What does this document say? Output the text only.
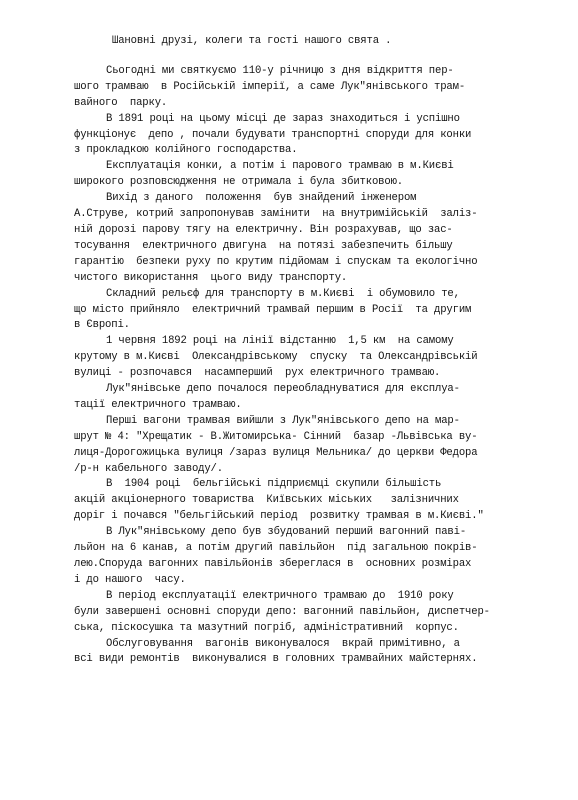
Шановні друзі, колеги та гості нашого свята .
Сьогодні ми святкуємо 110-у річницю з дня відкриття пер-
шого трамваю  в Російській імперії, а саме Лук"янівського трам-
вайного  парку.
В 1891 році на цьому місці де зараз знаходиться і успішно
функціонує  депо , почали будувати транспортні споруди для конки
з прокладкою колійного господарства.
Експлуатація конки, а потім і парового трамваю в м.Києві
широкого розповсюдження не отримала і була збитковою.
Вихід з даного  положення  був знайдений інженером
А.Струве, котрий запропонував замінити  на внутримійській  заліз-
ній дорозі парову тягу на електричну. Він розрахував, що зас-
тосування  електричного двигуна  на потязі забезпечить більшу
гарантію  безпеки руху по крутим підйомам і спускам та екологічно
чистого використання  цього виду транспорту.
Складний рельєф для транспорту в м.Києві  і обумовило те,
що місто прийняло  електричний трамвай першим в Росії  та другим
в Європі.
1 червня 1892 році на лінії відстанню  1,5 км  на самому
крутому в м.Києві  Олександрівському  спуску  та Олександрівській
вулиці - розпочався  насамперший  рух електричного трамваю.
Лук"янівське депо почалося переобладнуватися для експлуа-
тації електричного трамваю.
Перші вагони трамвая вийшли з Лук"янівського депо на мар-
шрут № 4: "Хрещатик - В.Житомирська- Сінний  базар -Львівська ву-
лиця-Дорогожицька вулиця /зараз вулиця Мельника/ до церкви Федора
/р-н кабельного заводу/.
В  1904 році  бельгійські підприємці скупили більшість
акцій акціонерного товариства  Київських міських   залізничних
доріг і почався "бельгійський період  розвитку трамвая в м.Києві."
В Лук"янівському депо був збудований перший вагонний паві-
льйон на 6 канав, а потім другий павільйон  під загальною покрів-
лею.Споруда вагонних павільйонів збереглася в  основних розмірах
і до нашого  часу.
В період експлуатації електричного трамваю до  1910 року
були завершені основні споруди депо: вагонний павільйон, диспетчер-
ська, піскосушка та мазутний погріб, адміністративний  корпус.
Обслуговування  вагонів виконувалося  вкрай примітивно, а
всі види ремонтів  виконувалися в головних трамвайних майстернях.
